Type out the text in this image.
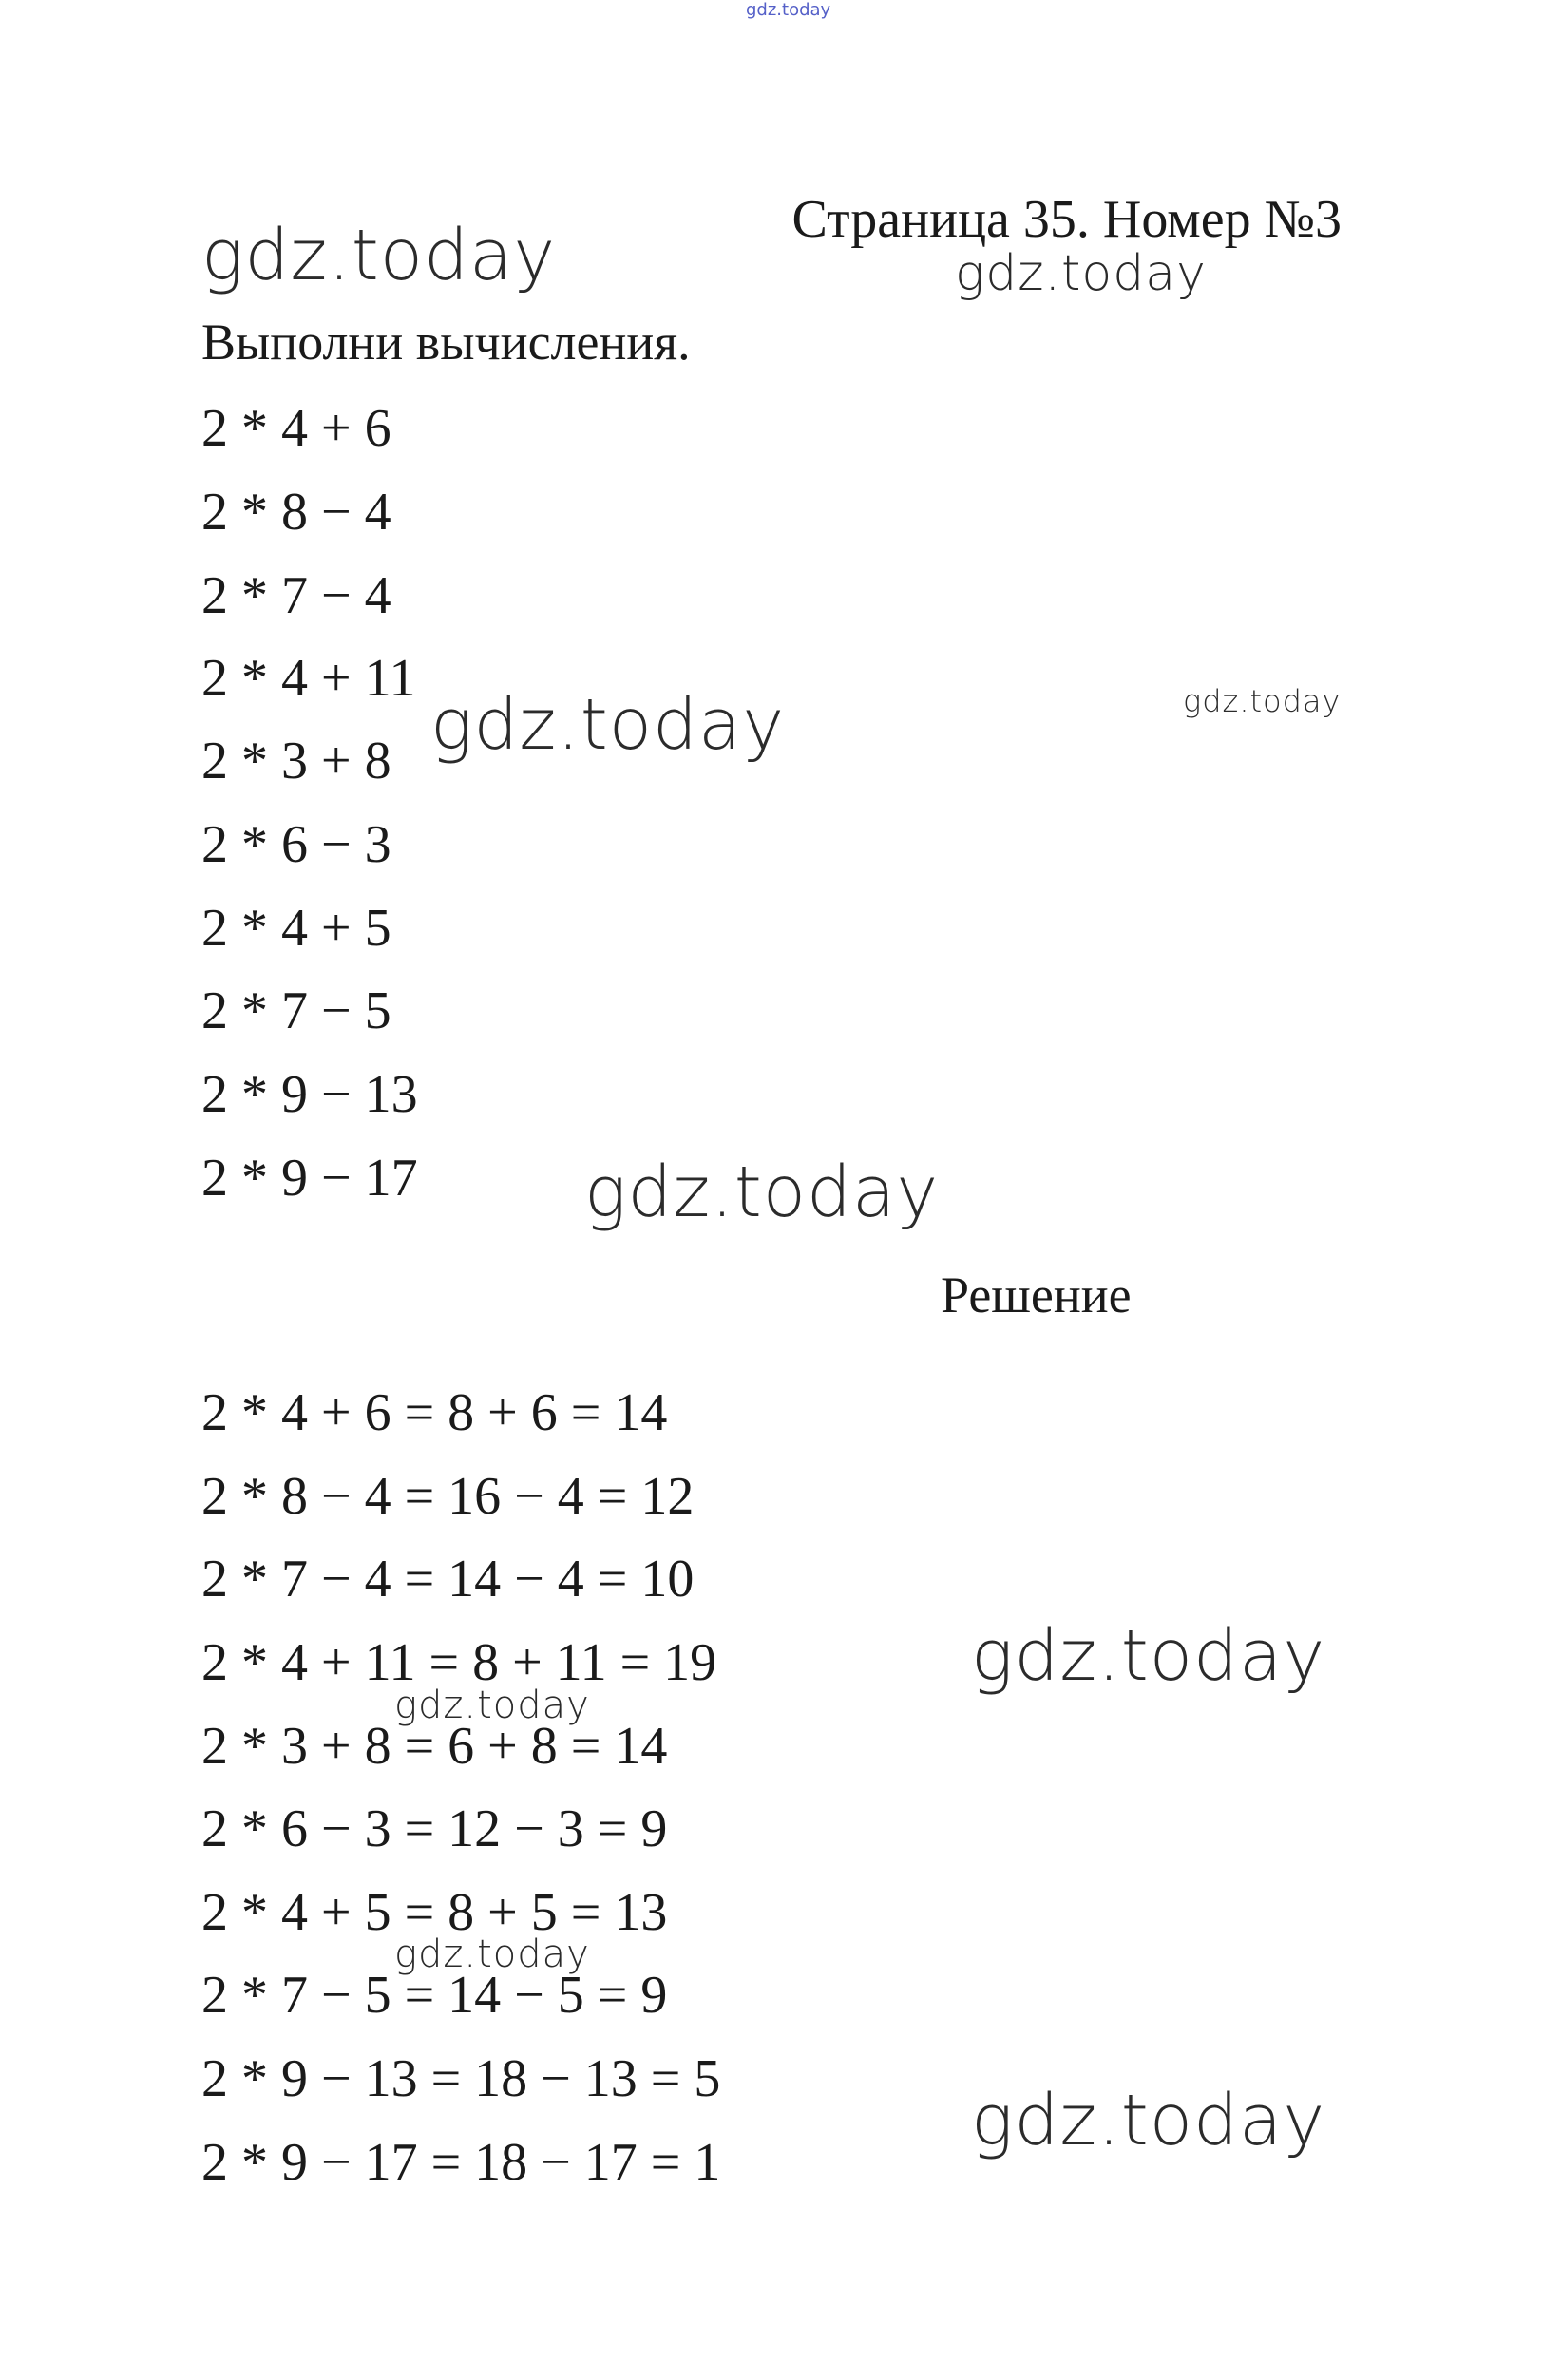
gdz.today
Страница 35. Номер №3
Выполни вычисления.
2 * 4 + 6
2 * 8 − 4
2 * 7 − 4
2 * 4 + 11
2 * 3 + 8
2 * 6 − 3
2 * 4 + 5
2 * 7 − 5
2 * 9 − 13
2 * 9 − 17
Решение
2 * 4 + 6 = 8 + 6 = 14
2 * 8 − 4 = 16 − 4 = 12
2 * 7 − 4 = 14 − 4 = 10
2 * 4 + 11 = 8 + 11 = 19
2 * 3 + 8 = 6 + 8 = 14
2 * 6 − 3 = 12 − 3 = 9
2 * 4 + 5 = 8 + 5 = 13
2 * 7 − 5 = 14 − 5 = 9
2 * 9 − 13 = 18 − 13 = 5
2 * 9 − 17 = 18 − 17 = 1
gdz.today	gdz.today
gdz.today	gdz.today
gdz.today
gdz.today
gdz.today
gdz.today
gdz.today
